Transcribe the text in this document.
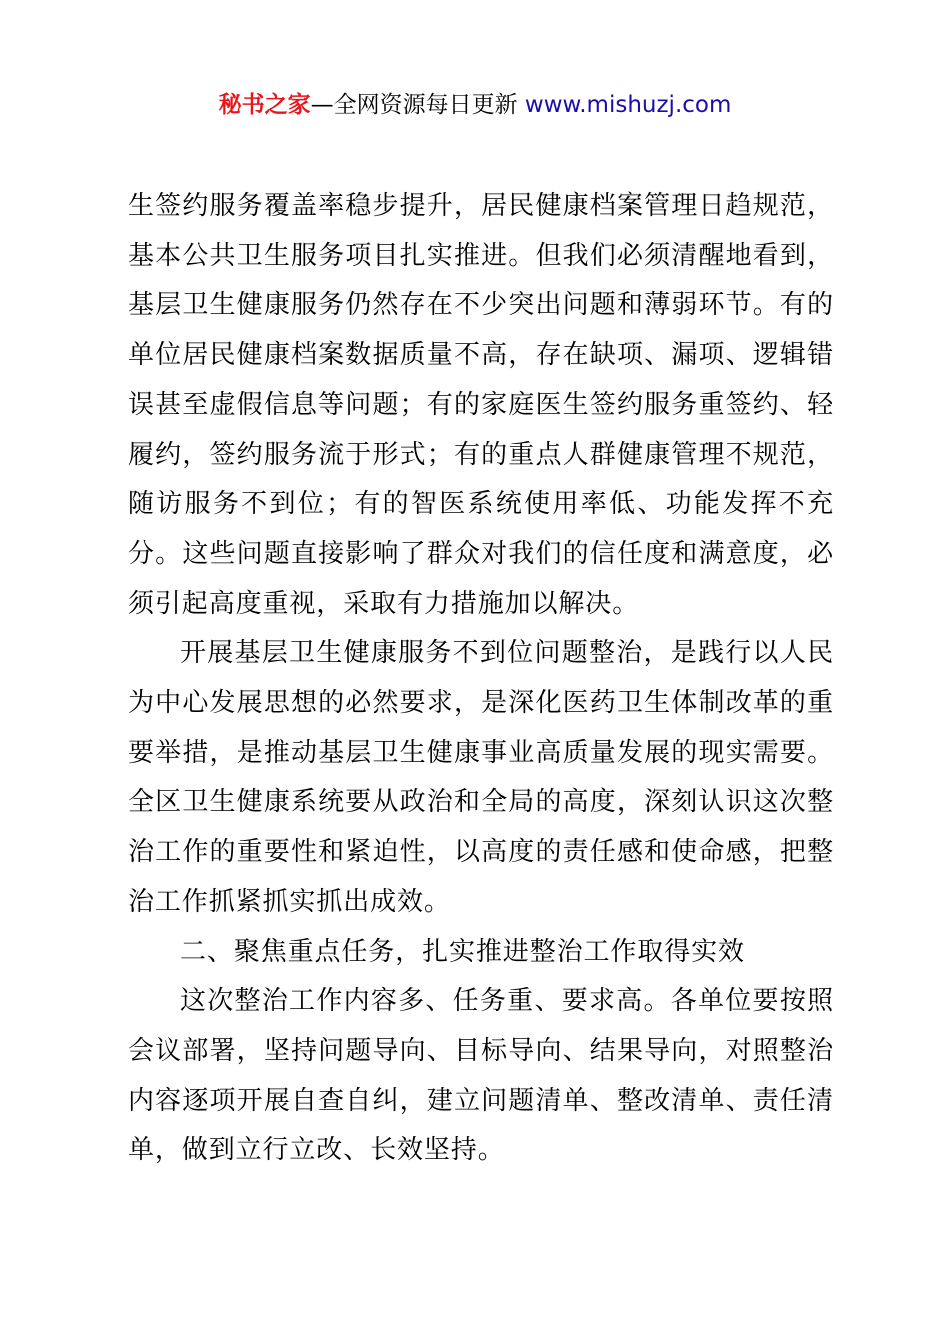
秘书之家—全网资源每日更新 www.mishuzj.com

生签约服务覆盖率稳步提升，居民健康档案管理日趋规范，基本公共卫生服务项目扎实推进。但我们必须清醒地看到，基层卫生健康服务仍然存在不少突出问题和薄弱环节。有的单位居民健康档案数据质量不高，存在缺项、漏项、逻辑错误甚至虚假信息等问题；有的家庭医生签约服务重签约、轻履约，签约服务流于形式；有的重点人群健康管理不规范，随访服务不到位；有的智医系统使用率低、功能发挥不充分。这些问题直接影响了群众对我们的信任度和满意度，必须引起高度重视，采取有力措施加以解决。

开展基层卫生健康服务不到位问题整治，是践行以人民为中心发展思想的必然要求，是深化医药卫生体制改革的重要举措，是推动基层卫生健康事业高质量发展的现实需要。全区卫生健康系统要从政治和全局的高度，深刻认识这次整治工作的重要性和紧迫性，以高度的责任感和使命感，把整治工作抓紧抓实抓出成效。

二、聚焦重点任务，扎实推进整治工作取得实效

这次整治工作内容多、任务重、要求高。各单位要按照会议部署，坚持问题导向、目标导向、结果导向，对照整治内容逐项开展自查自纠，建立问题清单、整改清单、责任清单，做到立行立改、长效坚持。
